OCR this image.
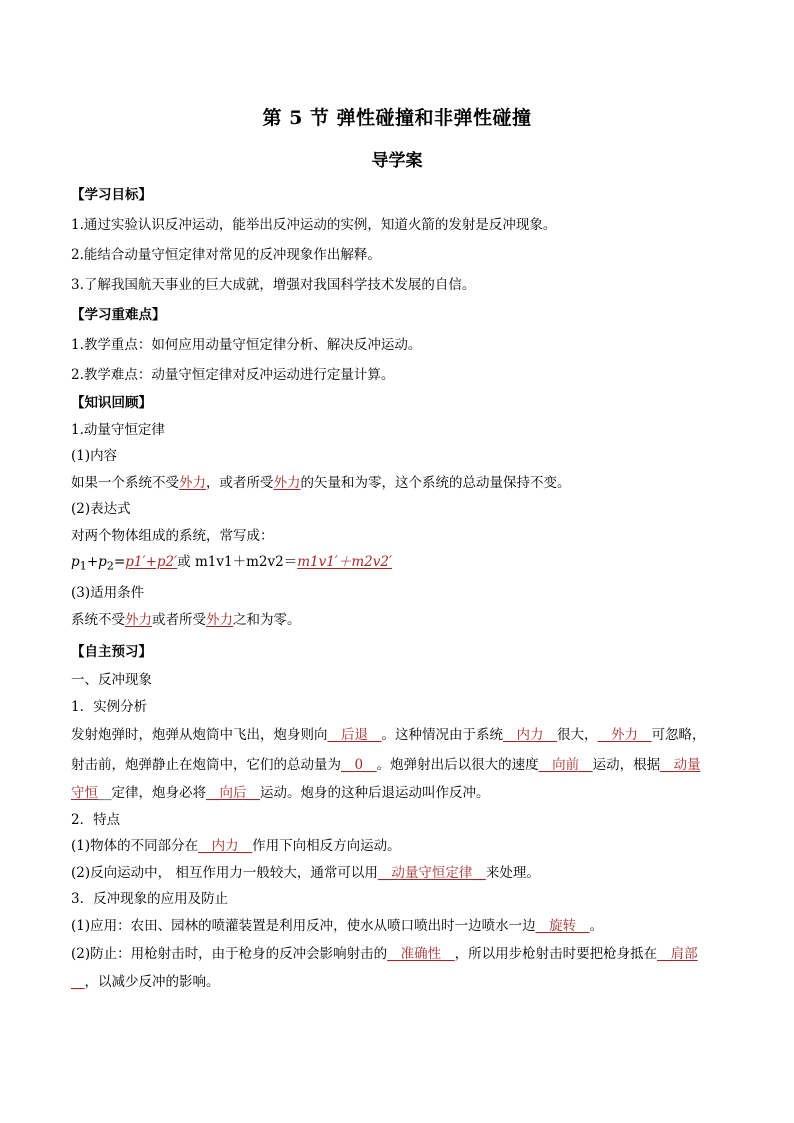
第 5 节 弹性碰撞和非弹性碰撞
导学案

【学习目标】

1.通过实验认识反冲运动，能举出反冲运动的实例，知道火箭的发射是反冲现象。

2.能结合动量守恒定律对常见的反冲现象作出解释。

3.了解我国航天事业的巨大成就，增强对我国科学技术发展的自信。

【学习重难点】

1.教学重点：如何应用动量守恒定律分析、解决反冲运动。

2.教学难点：动量守恒定律对反冲运动进行定量计算。

【知识回顾】

1.动量守恒定律

(1)内容

如果一个系统不受外力，或者所受外力的矢量和为零，这个系统的总动量保持不变。

(2)表达式

对两个物体组成的系统，常写成：

$p_1+p_2=p1'+p2'$或 m1v1＋m2v2＝m1v1′＋m2v2′

(3)适用条件

系统不受外力或者所受外力之和为零。

【自主预习】

一、反冲现象

1．实例分析

发射炮弹时，炮弹从炮筒中飞出，炮身则向__后退__。这种情况由于系统__内力__很大，__外力__可忽略，

射击前，炮弹静止在炮筒中，它们的总动量为__0__。炮弹射出后以很大的速度__向前__运动，根据__动量

守恒__定律，炮身必将__向后__运动。炮身的这种后退运动叫作反冲。

2．特点

(1)物体的不同部分在__内力__作用下向相反方向运动。

(2)反向运动中， 相互作用力一般较大，通常可以用__动量守恒定律__来处理。

3．反冲现象的应用及防止

(1)应用：农田、园林的喷灌装置是利用反冲，使水从喷口喷出时一边喷水一边__旋转__。

(2)防止：用枪射击时，由于枪身的反冲会影响射击的__准确性__，所以用步枪射击时要把枪身抵在__肩部

__，以减少反冲的影响。
